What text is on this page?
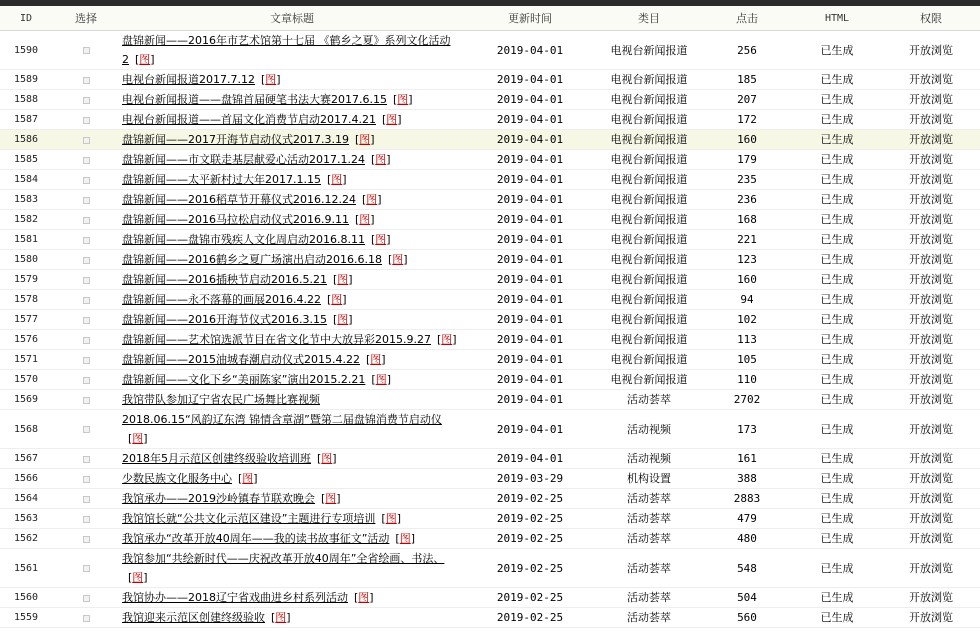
ID	选择	文章标题	更新时间	类目	点击	HTML	权限
1590		盘锦新闻——2016年市艺术馆第十七届 《鹤乡之夏》系列文化活动2 [图]	2019-04-01	电视台新闻报道	256	已生成	开放浏览
1589		电视台新闻报道2017.7.12 [图]	2019-04-01	电视台新闻报道	185	已生成	开放浏览
1588		电视台新闻报道——盘锦首届硬笔书法大赛2017.6.15 [图]	2019-04-01	电视台新闻报道	207	已生成	开放浏览
1587		电视台新闻报道——首届文化消费节启动2017.4.21 [图]	2019-04-01	电视台新闻报道	172	已生成	开放浏览
1586		盘锦新闻——2017开海节启动仪式2017.3.19 [图]	2019-04-01	电视台新闻报道	160	已生成	开放浏览
1585		盘锦新闻——市文联走基层献爱心活动2017.1.24 [图]	2019-04-01	电视台新闻报道	179	已生成	开放浏览
1584		盘锦新闻——太平新村过大年2017.1.15 [图]	2019-04-01	电视台新闻报道	235	已生成	开放浏览
1583		盘锦新闻——2016稻草节开幕仪式2016.12.24 [图]	2019-04-01	电视台新闻报道	236	已生成	开放浏览
1582		盘锦新闻——2016马拉松启动仪式2016.9.11 [图]	2019-04-01	电视台新闻报道	168	已生成	开放浏览
1581		盘锦新闻——盘锦市残疾人文化周启动2016.8.11 [图]	2019-04-01	电视台新闻报道	221	已生成	开放浏览
1580		盘锦新闻——2016鹤乡之夏广场演出启动2016.6.18 [图]	2019-04-01	电视台新闻报道	123	已生成	开放浏览
1579		盘锦新闻——2016插秧节启动2016.5.21 [图]	2019-04-01	电视台新闻报道	160	已生成	开放浏览
1578		盘锦新闻——永不落幕的画展2016.4.22 [图]	2019-04-01	电视台新闻报道	94	已生成	开放浏览
1577		盘锦新闻——2016开海节仪式2016.3.15 [图]	2019-04-01	电视台新闻报道	102	已生成	开放浏览
1576		盘锦新闻——艺术馆选派节目在省文化节中大放异彩2015.9.27 [图]	2019-04-01	电视台新闻报道	113	已生成	开放浏览
1571		盘锦新闻——2015油城春潮启动仪式2015.4.22 [图]	2019-04-01	电视台新闻报道	105	已生成	开放浏览
1570		盘锦新闻——文化下乡“美丽陈家”演出2015.2.21 [图]	2019-04-01	电视台新闻报道	110	已生成	开放浏览
1569		我馆带队参加辽宁省农民广场舞比赛视频	2019-04-01	活动荟萃	2702	已生成	开放浏览
1568		2018.06.15“风韵辽东湾 锦情含章湖”暨第二届盘锦消费节启动仪[图]	2019-04-01	活动视频	173	已生成	开放浏览
1567		2018年5月示范区创建终级验收培训班 [图]	2019-04-01	活动视频	161	已生成	开放浏览
1566		少数民族文化服务中心 [图]	2019-03-29	机构设置	388	已生成	开放浏览
1564		我馆承办——2019沙岭镇春节联欢晚会 [图]	2019-02-25	活动荟萃	2883	已生成	开放浏览
1563		我馆馆长就“公共文化示范区建设”主题进行专项培训 [图]	2019-02-25	活动荟萃	479	已生成	开放浏览
1562		我馆承办“改革开放40周年——我的读书故事征文”活动 [图]	2019-02-25	活动荟萃	480	已生成	开放浏览
1561		我馆参加“共绘新时代——庆祝改革开放40周年”全省绘画、书法、[图]	2019-02-25	活动荟萃	548	已生成	开放浏览
1560		我馆协办——2018辽宁省戏曲进乡村系列活动 [图]	2019-02-25	活动荟萃	504	已生成	开放浏览
1559		我馆迎来示范区创建终级验收 [图]	2019-02-25	活动荟萃	560	已生成	开放浏览
